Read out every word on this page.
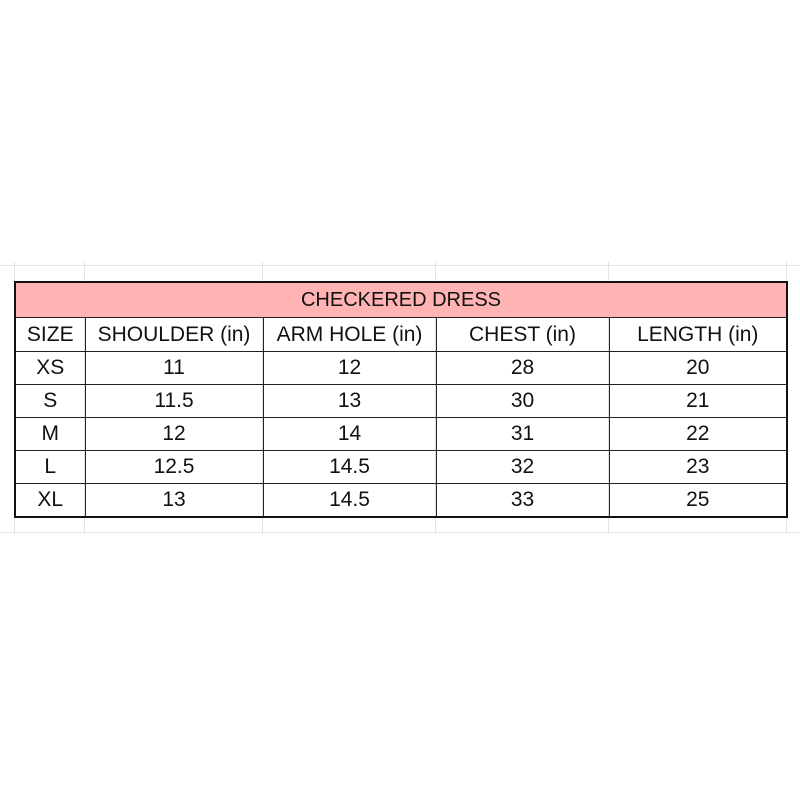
CHECKERED DRESS				
SIZE	SHOULDER (in)	ARM HOLE (in)	CHEST (in)	LENGTH (in)
XS	11	12	28	20
S	11.5	13	30	21
M	12	14	31	22
L	12.5	14.5	32	23
XL	13	14.5	33	25
